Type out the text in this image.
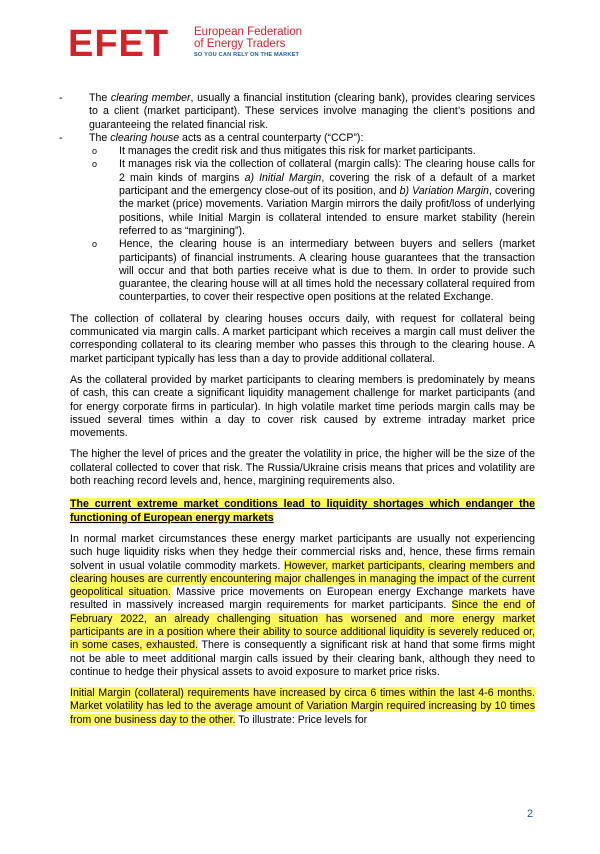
EFET European Federation
of Energy Traders
SO YOU CAN RELY ON THE MARKET
- The clearing member, usually a financial institution (clearing bank), provides clearing services to a client (market participant). These services involve managing the client’s positions and guaranteeing the related financial risk.
- The clearing house acts as a central counterparty (“CCP”):
o It manages the credit risk and thus mitigates this risk for market participants.
o It manages risk via the collection of collateral (margin calls): The clearing house calls for 2 main kinds of margins a) Initial Margin, covering the risk of a default of a market participant and the emergency close-out of its position, and b) Variation Margin, covering the market (price) movements. Variation Margin mirrors the daily profit/loss of underlying positions, while Initial Margin is collateral intended to ensure market stability (herein referred to as “margining”).
o Hence, the clearing house is an intermediary between buyers and sellers (market participants) of financial instruments. A clearing house guarantees that the transaction will occur and that both parties receive what is due to them. In order to provide such guarantee, the clearing house will at all times hold the necessary collateral required from counterparties, to cover their respective open positions at the related Exchange.

The collection of collateral by clearing houses occurs daily, with request for collateral being communicated via margin calls. A market participant which receives a margin call must deliver the corresponding collateral to its clearing member who passes this through to the clearing house. A market participant typically has less than a day to provide additional collateral.

As the collateral provided by market participants to clearing members is predominately by means of cash, this can create a significant liquidity management challenge for market participants (and for energy corporate firms in particular). In high volatile market time periods margin calls may be issued several times within a day to cover risk caused by extreme intraday market price movements.

The higher the level of prices and the greater the volatility in price, the higher will be the size of the collateral collected to cover that risk. The Russia/Ukraine crisis means that prices and volatility are both reaching record levels and, hence, margining requirements also.

The current extreme market conditions lead to liquidity shortages which endanger the functioning of European energy markets

In normal market circumstances these energy market participants are usually not experiencing such huge liquidity risks when they hedge their commercial risks and, hence, these firms remain solvent in usual volatile commodity markets. However, market participants, clearing members and clearing houses are currently encountering major challenges in managing the impact of the current geopolitical situation. Massive price movements on European energy Exchange markets have resulted in massively increased margin requirements for market participants. Since the end of February 2022, an already challenging situation has worsened and more energy market participants are in a position where their ability to source additional liquidity is severely reduced or, in some cases, exhausted. There is consequently a significant risk at hand that some firms might not be able to meet additional margin calls issued by their clearing bank, although they need to continue to hedge their physical assets to avoid exposure to market price risks.

Initial Margin (collateral) requirements have increased by circa 6 times within the last 4-6 months. Market volatility has led to the average amount of Variation Margin required increasing by 10 times from one business day to the other. To illustrate: Price levels for

2
